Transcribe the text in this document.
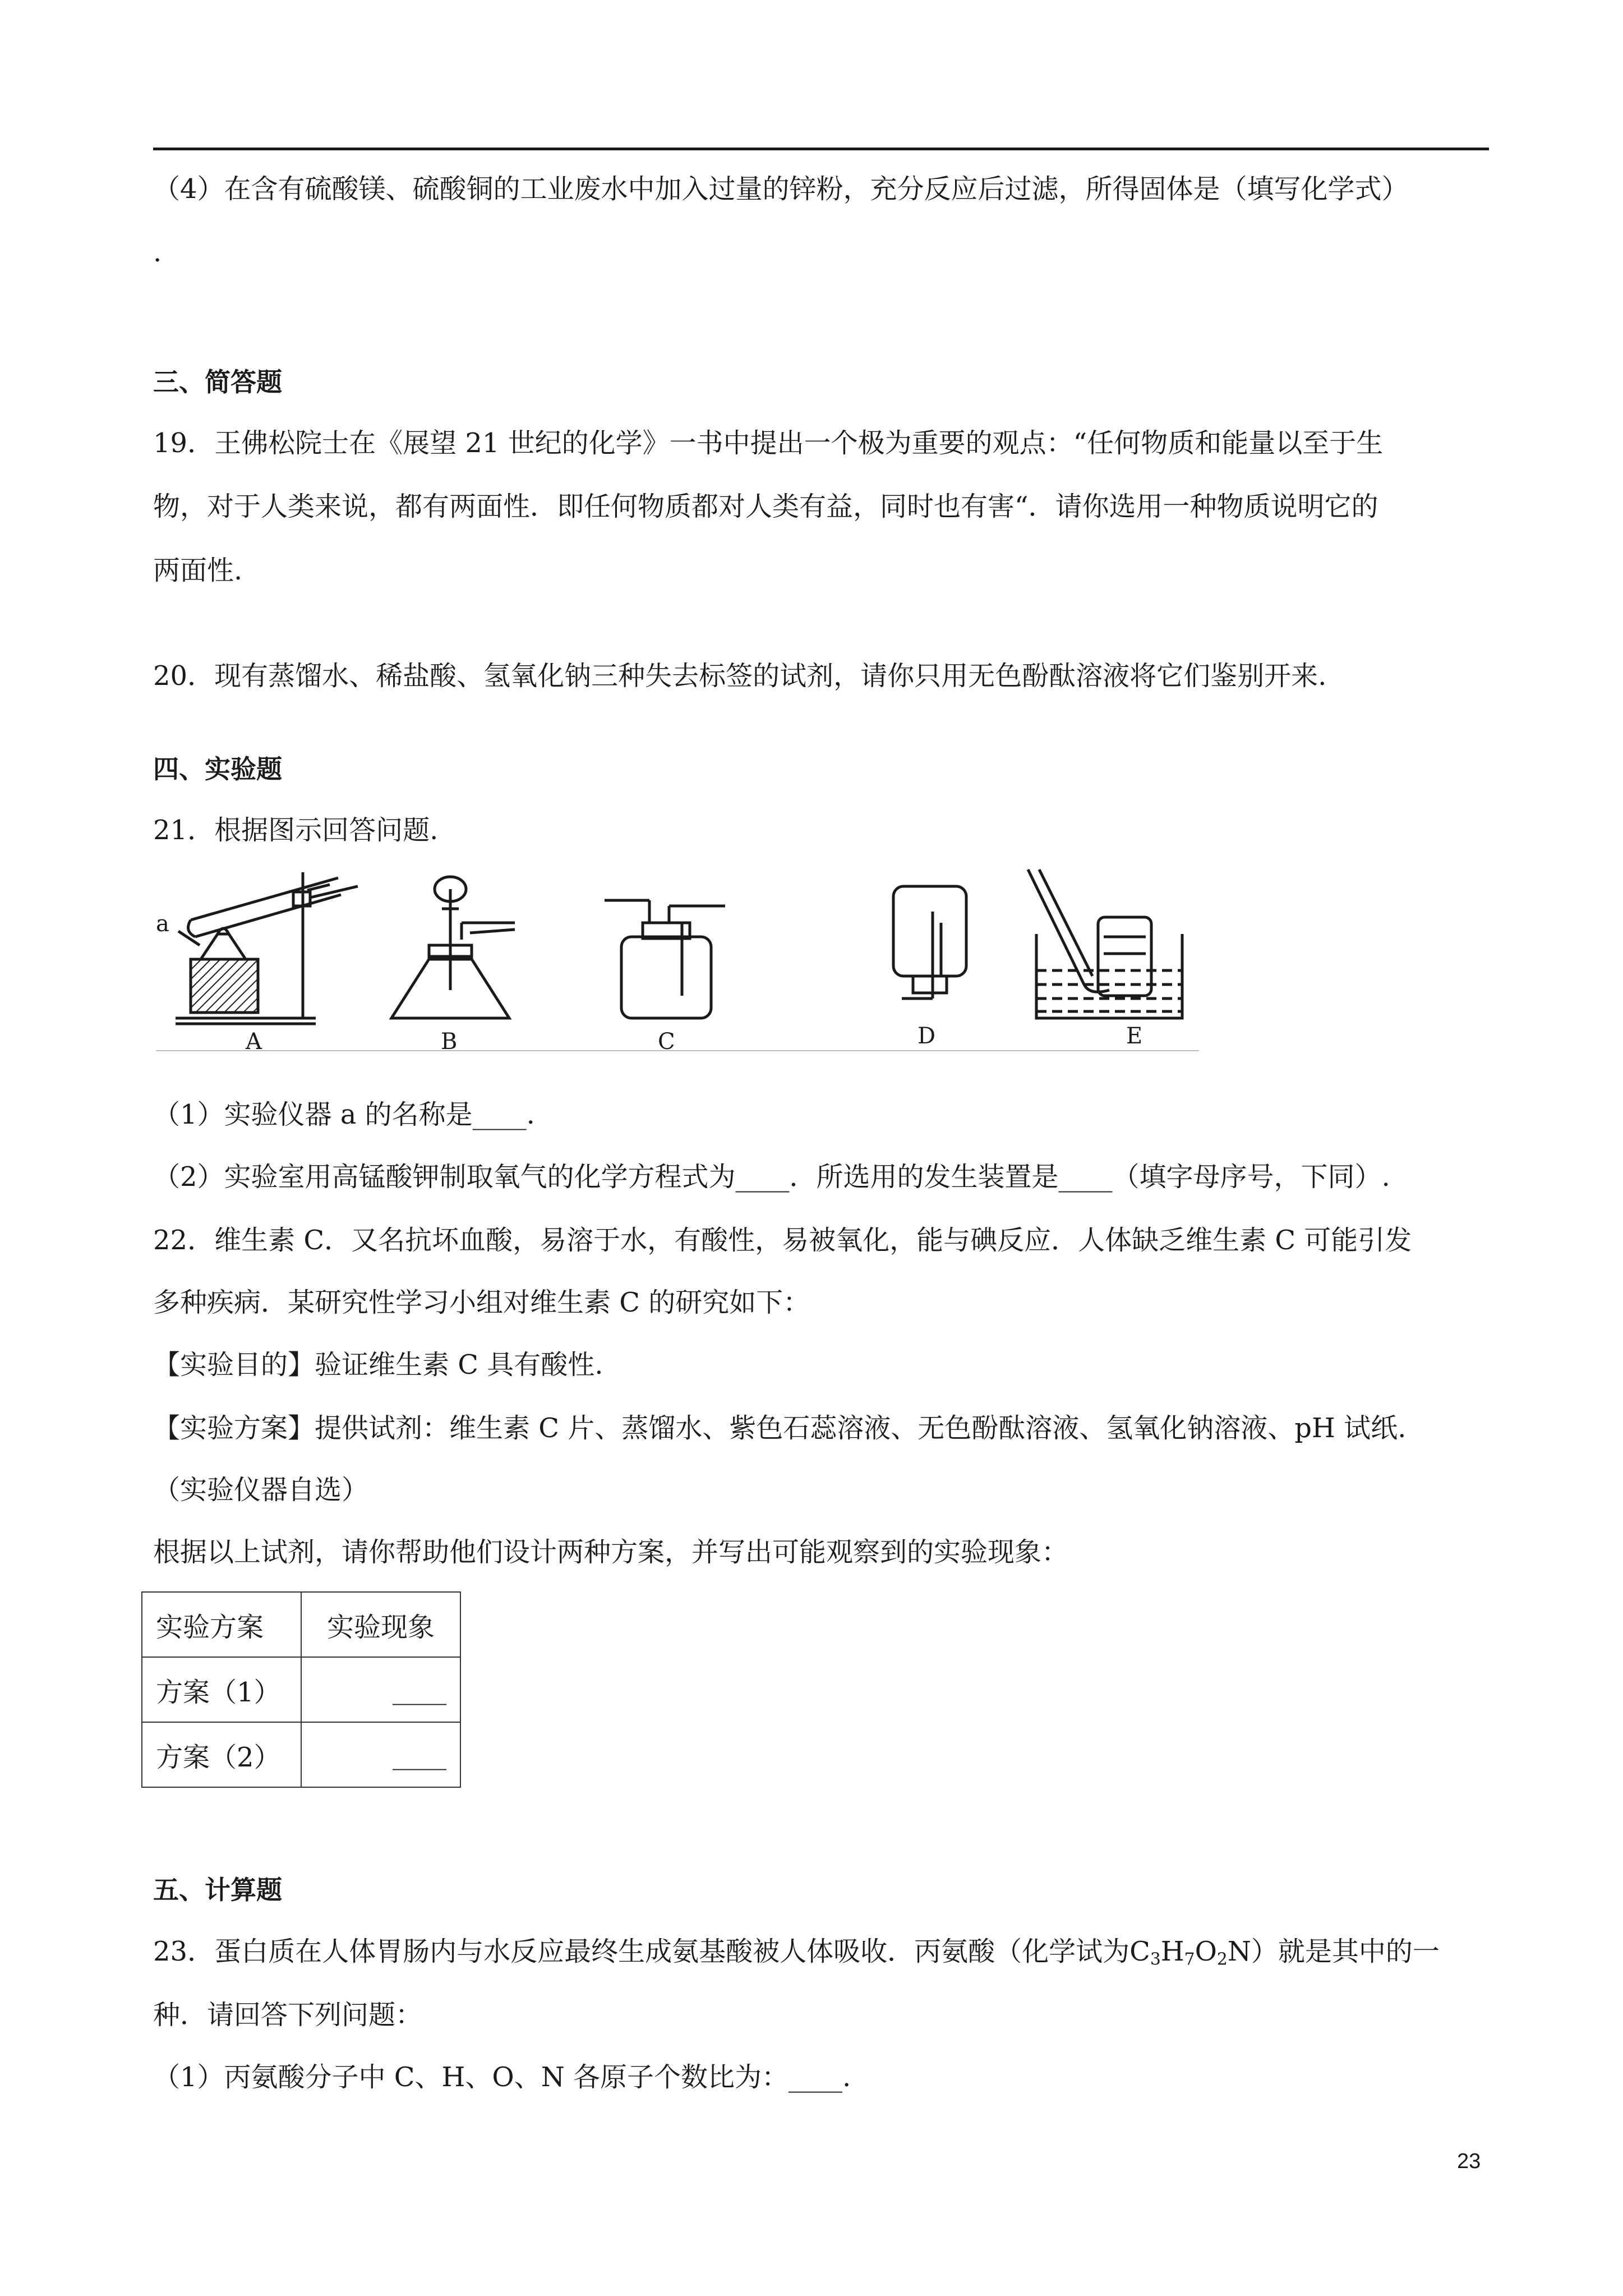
（4）在含有硫酸镁、硫酸铜的工业废水中加入过量的锌粉，充分反应后过滤，所得固体是（填写化学式）
.
三、简答题
19．王佛松院士在《展望 21 世纪的化学》一书中提出一个极为重要的观点：“任何物质和能量以至于生
物，对于人类来说，都有两面性．即任何物质都对人类有益，同时也有害“．请你选用一种物质说明它的
两面性.
20．现有蒸馏水、稀盐酸、氢氧化钠三种失去标签的试剂，请你只用无色酚酞溶液将它们鉴别开来.
四、实验题
21．根据图示回答问题.
a
A	B	C	D	E
（1）实验仪器 a 的名称是____.
（2）实验室用高锰酸钾制取氧气的化学方程式为____．所选用的发生装置是____（填字母序号，下同）.
22．维生素 C．又名抗坏血酸，易溶于水，有酸性，易被氧化，能与碘反应．人体缺乏维生素 C 可能引发
多种疾病．某研究性学习小组对维生素 C 的研究如下：
【实验目的】验证维生素 C 具有酸性.
【实验方案】提供试剂：维生素 C 片、蒸馏水、紫色石蕊溶液、无色酚酞溶液、氢氧化钠溶液、pH 试纸.
（实验仪器自选）
根据以上试剂，请你帮助他们设计两种方案，并写出可能观察到的实验现象：
实验方案	实验现象
方案（1）	____
方案（2）	____
五、计算题
23．蛋白质在人体胃肠内与水反应最终生成氨基酸被人体吸收．丙氨酸（化学试为$C_3H_7O_2N$）就是其中的一
种．请回答下列问题：
（1）丙氨酸分子中 C、H、O、N 各原子个数比为：____.
23
